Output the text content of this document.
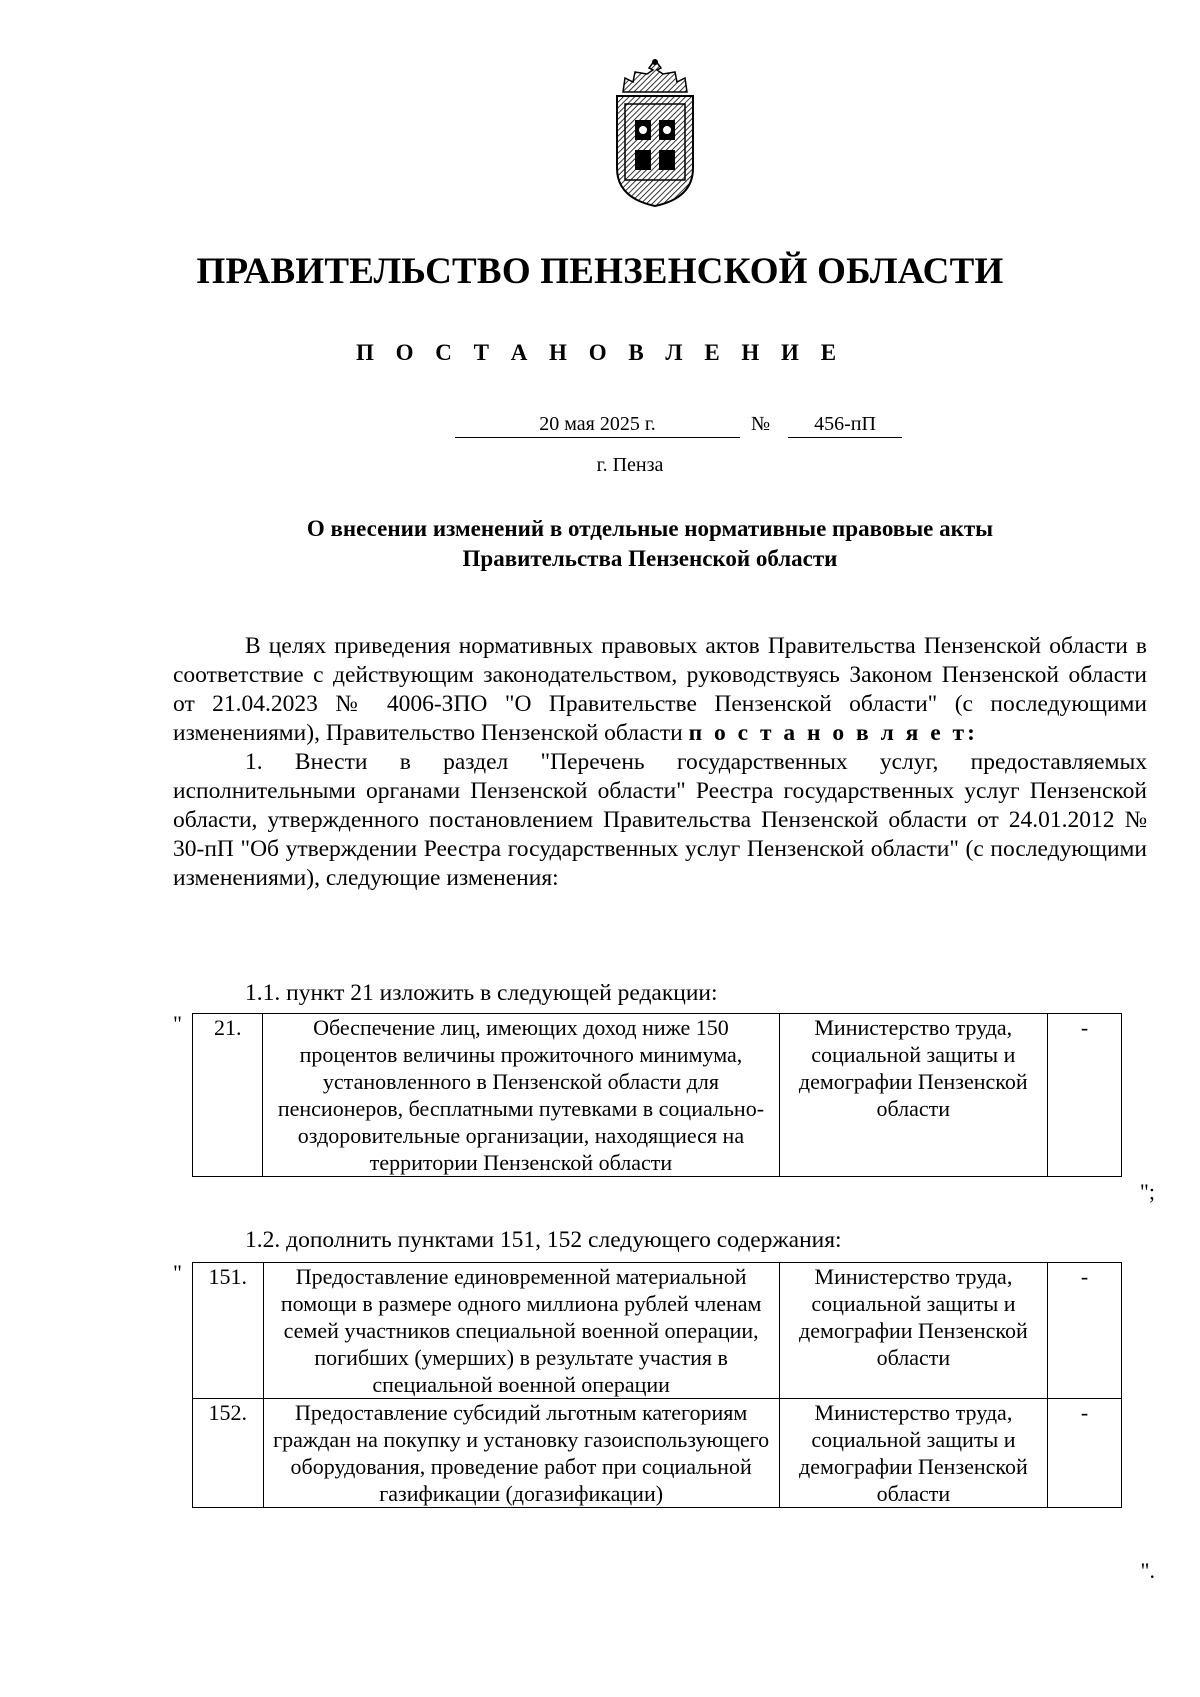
ПРАВИТЕЛЬСТВО ПЕНЗЕНСКОЙ ОБЛАСТИ
П О С Т А Н О В Л Е Н И Е
20 мая 2025 г.	№	456-пП
г. Пенза
О внесении изменений в отдельные нормативные правовые акты
Правительства Пензенской области

В целях приведения нормативных правовых актов Правительства Пензенской области в соответствие с действующим законодательством, руководствуясь Законом Пензенской области от 21.04.2023 № 4006-ЗПО "О Правительстве Пензенской области" (с последующими изменениями), Правительство Пензенской области п о с т а н о в л я е т:

1. Внести в раздел "Перечень государственных услуг, предоставляемых исполнительными органами Пензенской области" Реестра государственных услуг Пензенской области, утвержденного постановлением Правительства Пензенской области от 24.01.2012 № 30-пП "Об утверждении Реестра государственных услуг Пензенской области" (с последующими изменениями), следующие изменения:

1.1. пункт 21 изложить в следующей редакции:
" 21.	Обеспечение лиц, имеющих доход ниже 150 процентов величины прожиточного минимума, установленного в Пензенской области для пенсионеров, бесплатными путевками в социально-оздоровительные организации, находящиеся на территории Пензенской области	Министерство труда, социальной защиты и демографии Пензенской области	-
";
1.2. дополнить пунктами 151, 152 следующего содержания:
" 151.	Предоставление единовременной материальной помощи в размере одного миллиона рублей членам семей участников специальной военной операции, погибших (умерших) в результате участия в специальной военной операции	Министерство труда, социальной защиты и демографии Пензенской области	-
152.	Предоставление субсидий льготным категориям граждан на покупку и установку газоиспользующего оборудования, проведение работ при социальной газификации (догазификации)	Министерство труда, социальной защиты и демографии Пензенской области	-
".
